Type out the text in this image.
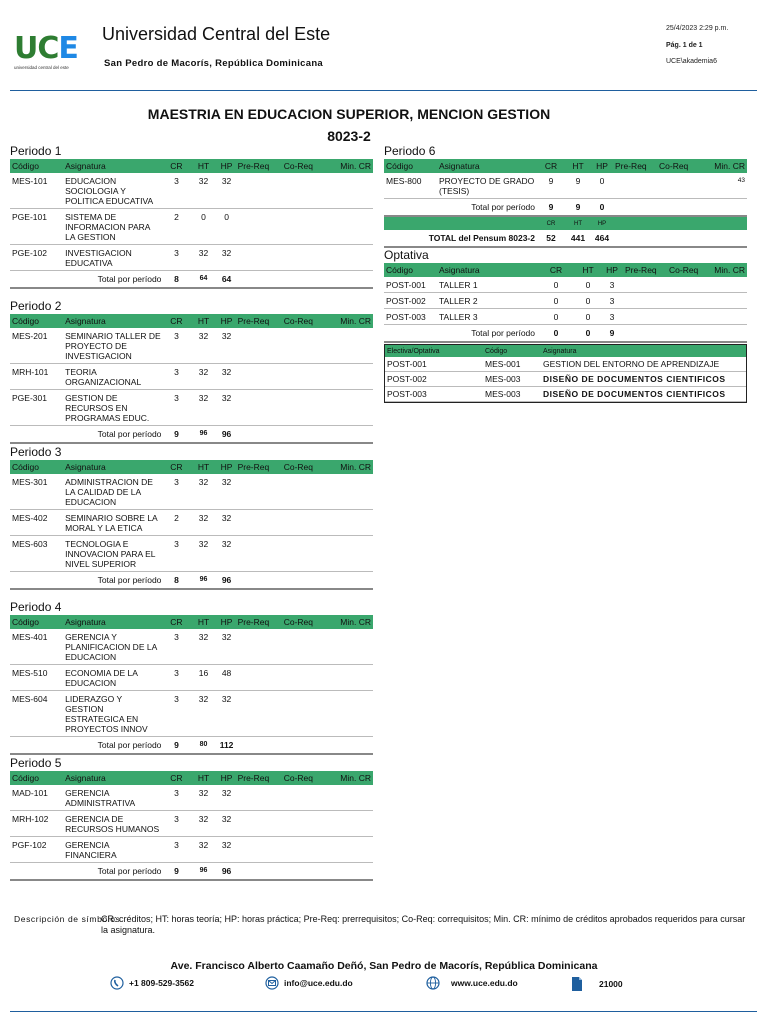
UCE
universidad central del este
Universidad Central del Este
San Pedro de Macorís, República Dominicana
25/4/2023 2:29 p.m.
Pág. 1 de 1
UCE\akademia6
MAESTRIA EN EDUCACION SUPERIOR, MENCION GESTION
8023-2
Periodo 1
Código	Asignatura	CR	HT	HP	Pre-Req	Co-Req	Min. CR
MES-101	EDUCACION SOCIOLOGIA Y POLITICA EDUCATIVA	3	32	32			
PGE-101	SISTEMA DE INFORMACION PARA LA GESTION	2	0	0			
PGE-102	INVESTIGACION EDUCATIVA	3	32	32			
Total por período		8	64	64			
Periodo 2
Código	Asignatura	CR	HT	HP	Pre-Req	Co-Req	Min. CR
MES-201	SEMINARIO TALLER DE PROYECTO DE INVESTIGACION	3	32	32			
MRH-101	TEORIA ORGANIZACIONAL	3	32	32			
PGE-301	GESTION DE RECURSOS EN PROGRAMAS EDUC.	3	32	32			
Total por período		9	96	96			
Periodo 3
Código	Asignatura	CR	HT	HP	Pre-Req	Co-Req	Min. CR
MES-301	ADMINISTRACION DE LA CALIDAD DE LA EDUCACION	3	32	32			
MES-402	SEMINARIO SOBRE LA MORAL Y LA ETICA	2	32	32			
MES-603	TECNOLOGIA E INNOVACION PARA EL NIVEL SUPERIOR	3	32	32			
Total por período		8	96	96			
Periodo 4
Código	Asignatura	CR	HT	HP	Pre-Req	Co-Req	Min. CR
MES-401	GERENCIA Y PLANIFICACION DE LA EDUCACION	3	32	32			
MES-510	ECONOMIA DE LA EDUCACION	3	16	48			
MES-604	LIDERAZGO Y GESTION ESTRATEGICA EN PROYECTOS INNOV	3	32	32			
Total por período		9	80	112			
Periodo 5
Código	Asignatura	CR	HT	HP	Pre-Req	Co-Req	Min. CR
MAD-101	GERENCIA ADMINISTRATIVA	3	32	32			
MRH-102	GERENCIA DE RECURSOS HUMANOS	3	32	32			
PGF-102	GERENCIA FINANCIERA	3	32	32			
Total por período		9	96	96			
Periodo 6
Código	Asignatura	CR	HT	HP	Pre-Req	Co-Req	Min. CR
MES-800	PROYECTO DE GRADO (TESIS)	9	9	0			43
Total por período		9	9	0			
		CR	HT	HP			
TOTAL del Pensum 8023-2		52	441	464			
Optativa
Código	Asignatura	CR	HT	HP	Pre-Req	Co-Req	Min. CR
POST-001	TALLER 1	0	0	3			
POST-002	TALLER 2	0	0	3			
POST-003	TALLER 3	0	0	3			
Total por período		0	0	9			
Electiva/Optativa	Código	Asignatura
POST-001	MES-001	GESTION DEL ENTORNO DE APRENDIZAJE
POST-002	MES-003	DISEÑO DE DOCUMENTOS CIENTIFICOS
POST-003	MES-003	DISEÑO DE DOCUMENTOS CIENTIFICOS
Descripción de símbolos
CR: créditos; HT: horas teoría; HP: horas práctica; Pre-Req: prerrequisitos; Co-Req: correquisitos; Min. CR: mínimo de créditos aprobados requeridos para cursar la asignatura.
Ave. Francisco Alberto Caamaño Deñó, San Pedro de Macorís, República Dominicana
+1 809-529-3562	info@uce.edu.do	www.uce.edu.do	21000
